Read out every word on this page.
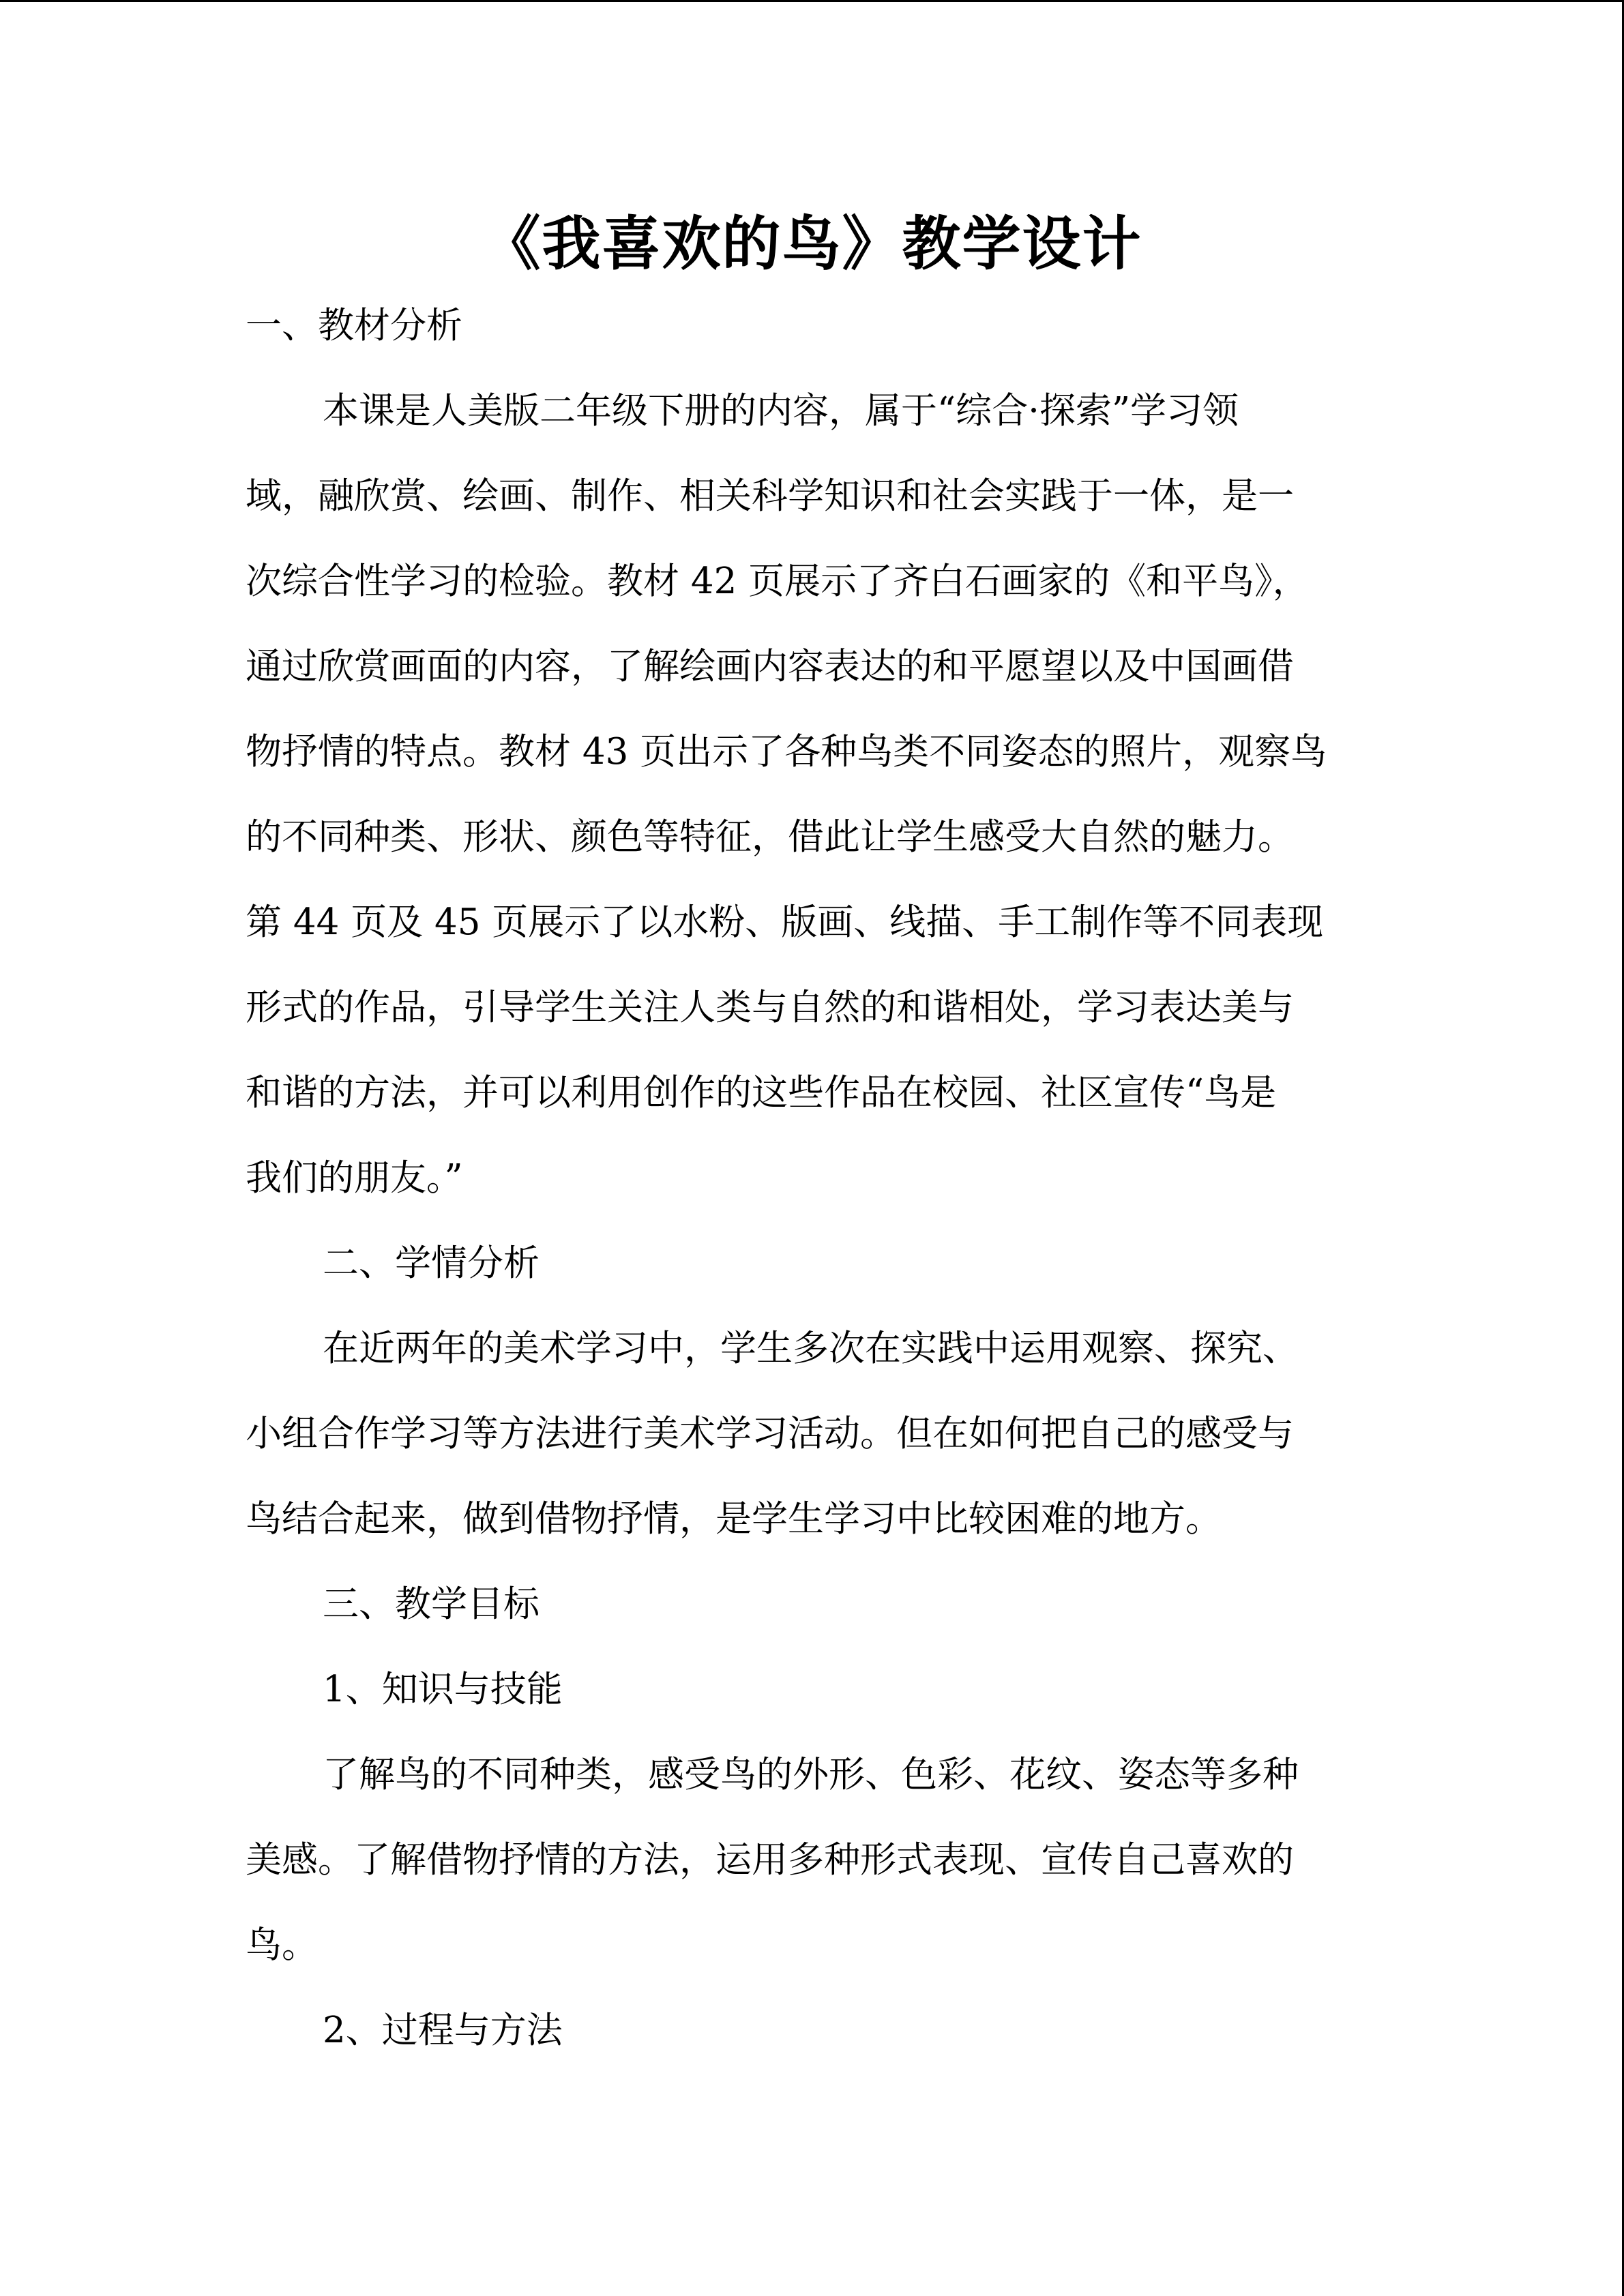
《我喜欢的鸟》教学设计
一、教材分析
本课是人美版二年级下册的内容，属于“综合·探索”学习领
域，融欣赏、绘画、制作、相关科学知识和社会实践于一体，是一
次综合性学习的检验。教材 42 页展示了齐白石画家的《和平鸟》，
通过欣赏画面的内容，了解绘画内容表达的和平愿望以及中国画借
物抒情的特点。教材 43 页出示了各种鸟类不同姿态的照片，观察鸟
的不同种类、形状、颜色等特征，借此让学生感受大自然的魅力。
第 44 页及 45 页展示了以水粉、版画、线描、手工制作等不同表现
形式的作品，引导学生关注人类与自然的和谐相处，学习表达美与
和谐的方法，并可以利用创作的这些作品在校园、社区宣传“鸟是
我们的朋友。”
二、学情分析
在近两年的美术学习中，学生多次在实践中运用观察、探究、
小组合作学习等方法进行美术学习活动。但在如何把自己的感受与
鸟结合起来，做到借物抒情，是学生学习中比较困难的地方。
三、教学目标
1、知识与技能
了解鸟的不同种类，感受鸟的外形、色彩、花纹、姿态等多种
美感。了解借物抒情的方法，运用多种形式表现、宣传自己喜欢的
鸟。
2、过程与方法
